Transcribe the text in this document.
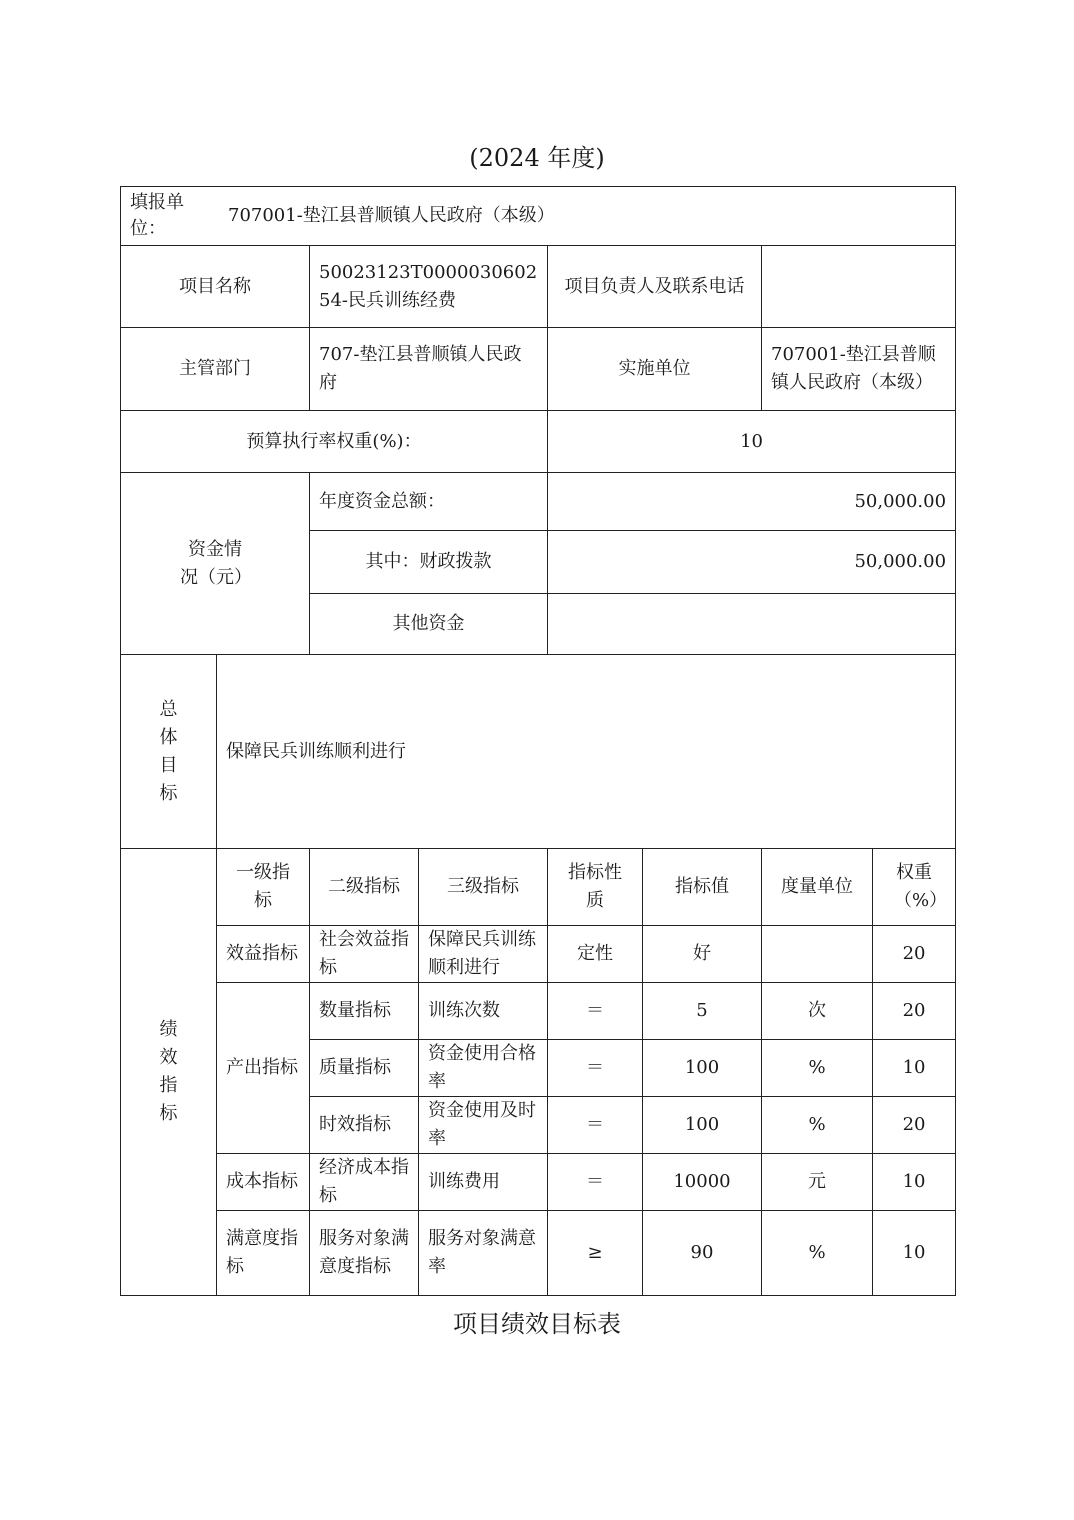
(2024 年度)
填报单位：
707001-垫江县普顺镇人民政府（本级）							

项目名称		50023123T000003060254-民兵训练经费		项目负责人及联系电话			
主管部门		707-垫江县普顺镇人民政府		实施单位		707001-垫江县普顺镇人民政府（本级）	
预算执行率权重(%)：				10			

资金情况（元）		年度资金总额：		50,000.00			
		其中：财政拨款		50,000.00			
		其他资金					

总体目标	保障民兵训练顺利进行						

绩效指标	一级指标	二级指标	三级指标	指标性质	指标值	度量单位	权重（%）

	效益指标	社会效益指标	保障民兵训练顺利进行	定性	好		20
	产出指标	数量指标	训练次数	＝	5	次	20
		质量指标	资金使用合格率	＝	100	%	10
		时效指标	资金使用及时率	＝	100	%	20
	成本指标	经济成本指标	训练费用	＝	10000	元	10
	满意度指标	服务对象满意度指标	服务对象满意率	≥	90	%	10
项目绩效目标表
